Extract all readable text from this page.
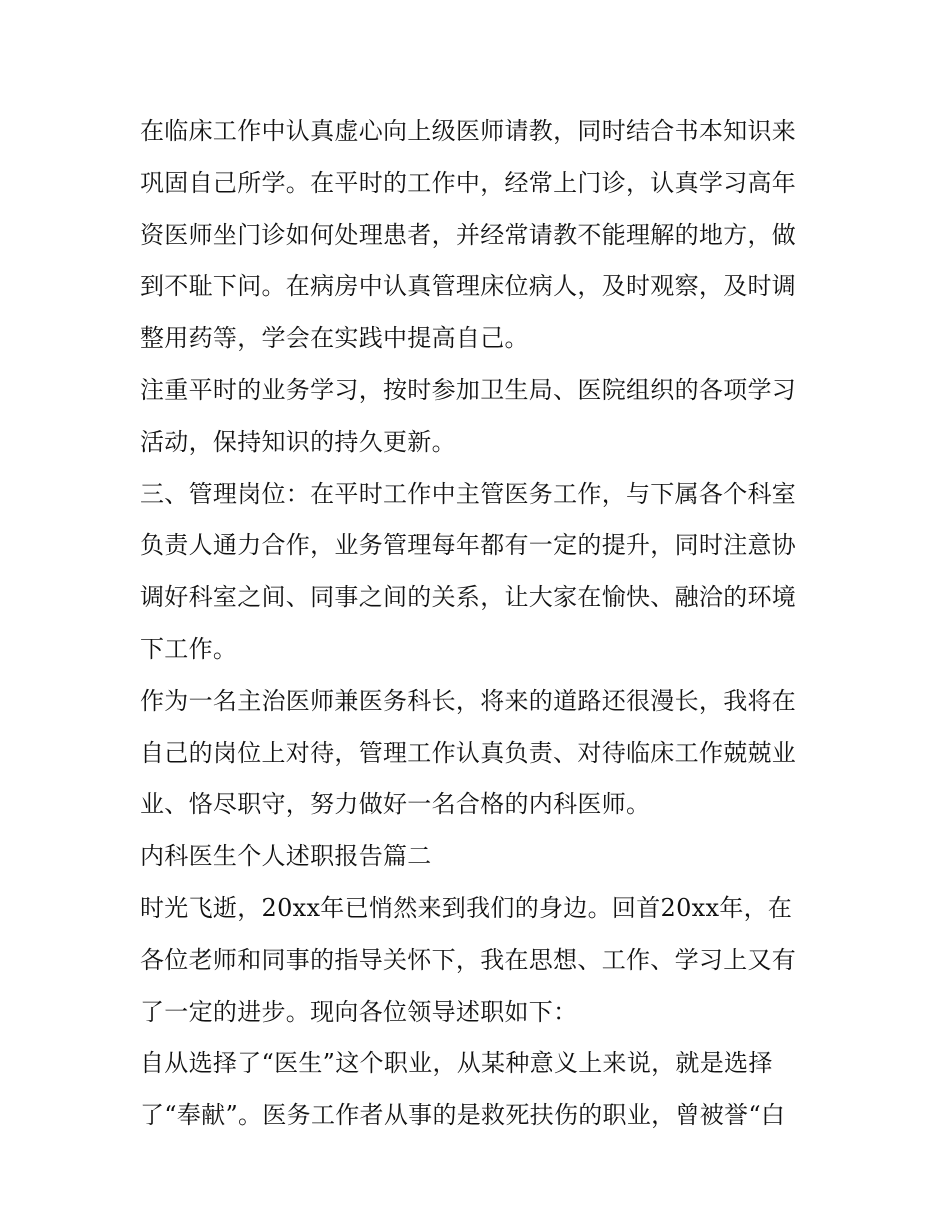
在临床工作中认真虚心向上级医师请教，同时结合书本知识来
巩固自己所学。在平时的工作中，经常上门诊，认真学习高年
资医师坐门诊如何处理患者，并经常请教不能理解的地方，做
到不耻下问。在病房中认真管理床位病人，及时观察，及时调
整用药等，学会在实践中提高自己。
注重平时的业务学习，按时参加卫生局、医院组织的各项学习
活动，保持知识的持久更新。
三、管理岗位：在平时工作中主管医务工作，与下属各个科室
负责人通力合作，业务管理每年都有一定的提升，同时注意协
调好科室之间、同事之间的关系，让大家在愉快、融洽的环境
下工作。
作为一名主治医师兼医务科长，将来的道路还很漫长，我将在
自己的岗位上对待，管理工作认真负责、对待临床工作兢兢业
业、恪尽职守，努力做好一名合格的内科医师。
内科医生个人述职报告篇二
时光飞逝，20xx年已悄然来到我们的身边。回首20xx年，在
各位老师和同事的指导关怀下，我在思想、工作、学习上又有
了一定的进步。现向各位领导述职如下：
自从选择了“医生”这个职业，从某种意义上来说，就是选择
了“奉献”。医务工作者从事的是救死扶伤的职业，曾被誉“白
